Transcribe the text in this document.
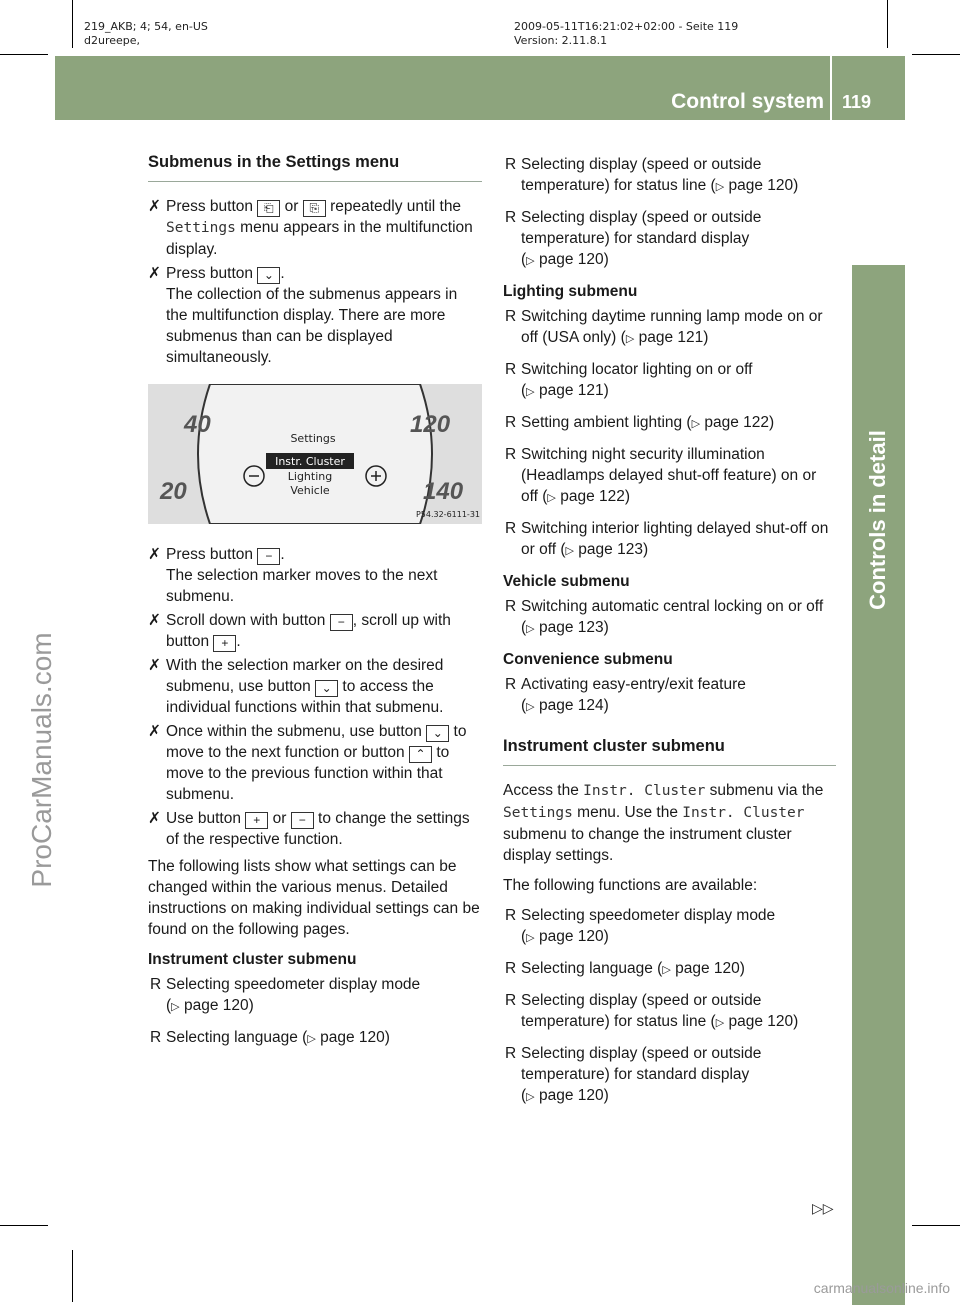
219_AKB; 4; 54, en-US
d2ureepe,
2009-05-11T16:21:02+02:00 - Seite 119
Version: 2.11.8.1
Control system 119
Controls in detail
ProCarManuals.com
carmanualsonline.info

Submenus in the Settings menu

✗ Press button ⎗ or ⎘ repeatedly until the Settings menu appears in the multifunction display.

✗ Press button ⌄ .
The collection of the submenus appears in the multifunction display. There are more submenus than can be displayed simultaneously.

40
20
120
140
Settings
Instr. Cluster
Lighting
Vehicle
P54.32-6111-31

✗ Press button − .
The selection marker moves to the next submenu.

✗ Scroll down with button − , scroll up with button + .

✗ With the selection marker on the desired submenu, use button ⌄ to access the individual functions within that submenu.

✗ Once within the submenu, use button ⌄ to move to the next function or button ⌃ to move to the previous function within that submenu.

✗ Use button + or − to change the settings of the respective function.

The following lists show what settings can be changed within the various menus. Detailed instructions on making individual settings can be found on the following pages.

Instrument cluster submenu

R Selecting speedometer display mode
(▷ page 120)

R Selecting language (▷ page 120)

R Selecting display (speed or outside temperature) for status line (▷ page 120)

R Selecting display (speed or outside temperature) for standard display
(▷ page 120)

Lighting submenu

R Switching daytime running lamp mode on or off (USA only) (▷ page 121)

R Switching locator lighting on or off
(▷ page 121)

R Setting ambient lighting (▷ page 122)

R Switching night security illumination (Headlamps delayed shut-off feature) on or off (▷ page 122)

R Switching interior lighting delayed shut-off on or off (▷ page 123)

Vehicle submenu

R Switching automatic central locking on or off (▷ page 123)

Convenience submenu

R Activating easy-entry/exit feature
(▷ page 124)

Instrument cluster submenu

Access the Instr. Cluster submenu via the Settings menu. Use the Instr. Cluster submenu to change the instrument cluster display settings.

The following functions are available:

R Selecting speedometer display mode
(▷ page 120)

R Selecting language (▷ page 120)

R Selecting display (speed or outside temperature) for status line (▷ page 120)

R Selecting display (speed or outside temperature) for standard display
(▷ page 120)

▷▷
